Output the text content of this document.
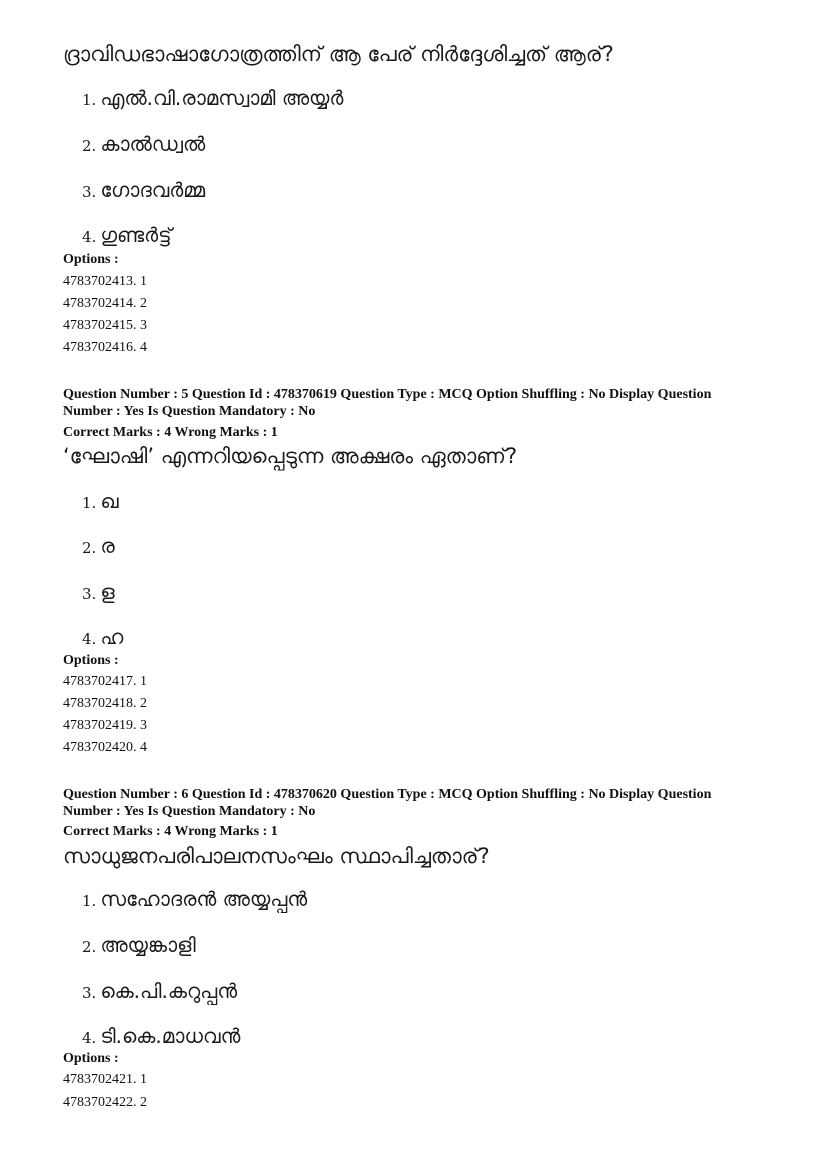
ദ്രാവിഡഭാഷാഗോത്രത്തിന് ആ പേര് നിർദ്ദേശിച്ചത് ആര്?
1. എൽ.വി.രാമസ്വാമി അയ്യർ
2. കാൽഡ്വൽ
3. ഗോദവർമ്മ
4. ഗുണ്ടർട്ട്
Options :
4783702413. 1
4783702414. 2
4783702415. 3
4783702416. 4
Question Number : 5 Question Id : 478370619 Question Type : MCQ Option Shuffling : No Display Question
Number : Yes Is Question Mandatory : No
Correct Marks : 4 Wrong Marks : 1
‘ഘോഷി’ എന്നറിയപ്പെടുന്ന അക്ഷരം ഏതാണ്?
1. ഖ
2. ര
3. ള
4. ഹ
Options :
4783702417. 1
4783702418. 2
4783702419. 3
4783702420. 4
Question Number : 6 Question Id : 478370620 Question Type : MCQ Option Shuffling : No Display Question
Number : Yes Is Question Mandatory : No
Correct Marks : 4 Wrong Marks : 1
സാധുജനപരിപാലനസംഘം സ്ഥാപിച്ചതാര്?
1. സഹോദരൻ അയ്യപ്പൻ
2. അയ്യങ്കാളി
3. കെ.പി.കറുപ്പൻ
4. ടി.കെ.മാധവൻ
Options :
4783702421. 1
4783702422. 2
